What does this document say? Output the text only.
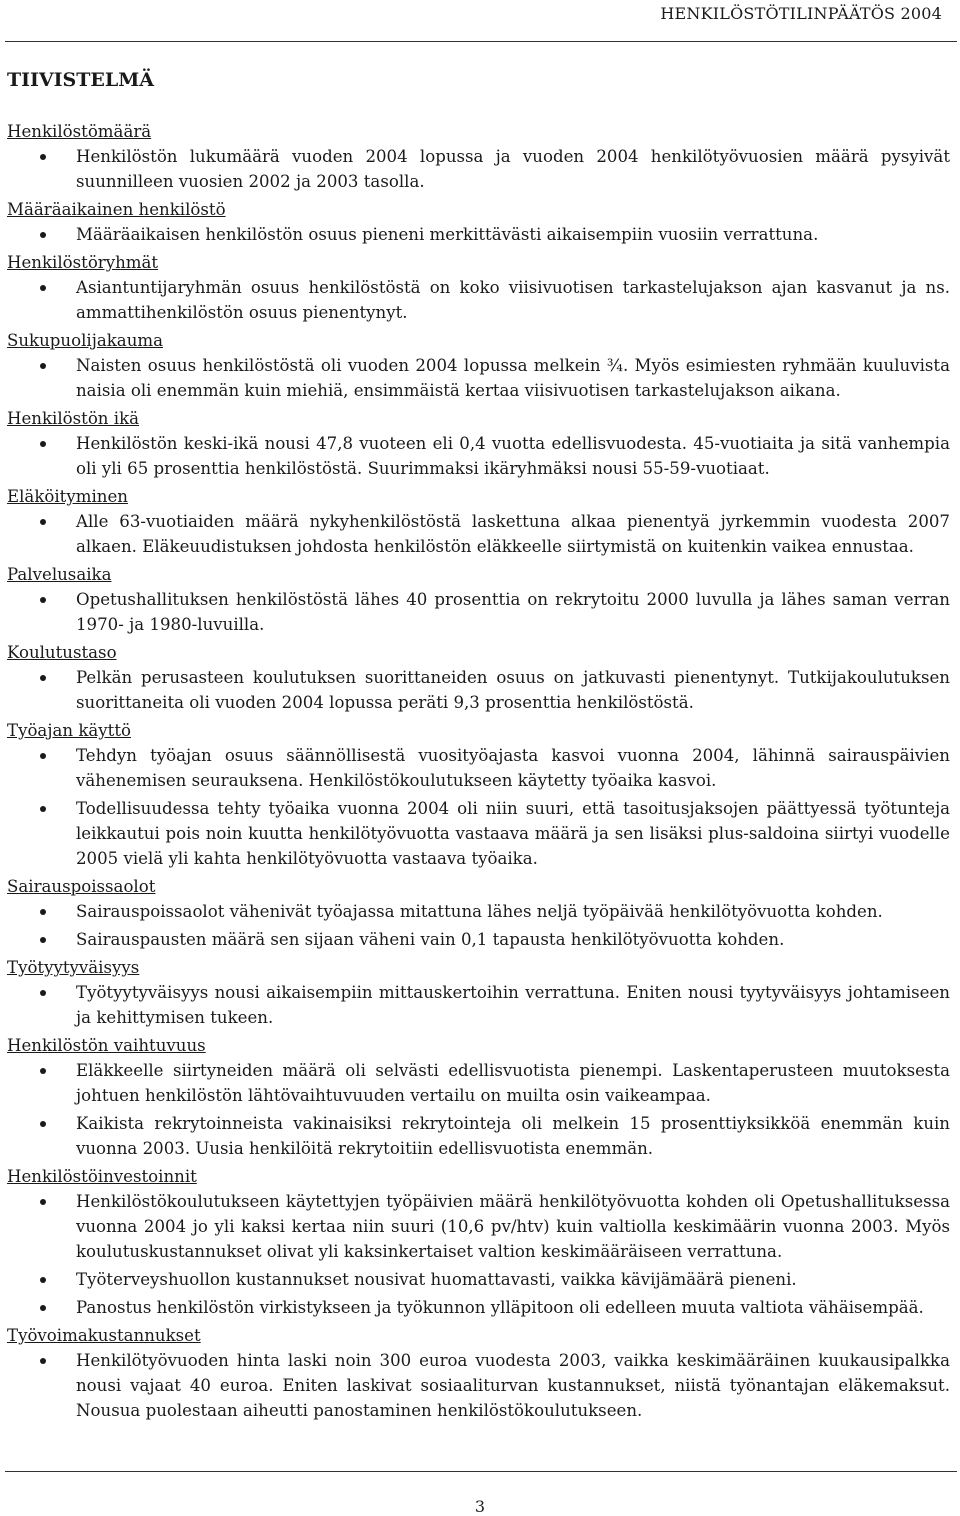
HENKILÖSTÖTILINPÄÄTÖS 2004
TIIVISTELMÄ
Henkilöstömäärä
Henkilöstön lukumäärä vuoden 2004 lopussa ja vuoden 2004 henkilötyövuosien määrä pysyivät suunnilleen vuosien 2002 ja 2003 tasolla.
Määräaikainen henkilöstö
Määräaikaisen henkilöstön osuus pieneni merkittävästi aikaisempiin vuosiin verrattuna.
Henkilöstöryhmät
Asiantuntijaryhmän osuus henkilöstöstä on koko viisivuotisen tarkastelujakson ajan kasvanut ja ns. ammattihenkilöstön osuus pienentynyt.
Sukupuolijakauma
Naisten osuus henkilöstöstä oli vuoden 2004 lopussa melkein ¾. Myös esimiesten ryhmään kuuluvista naisia oli enemmän kuin miehiä, ensimmäistä kertaa viisivuotisen tarkastelujakson aikana.
Henkilöstön ikä
Henkilöstön keski-ikä nousi 47,8 vuoteen eli 0,4 vuotta edellisvuodesta. 45-vuotiaita ja sitä vanhempia oli yli 65 prosenttia henkilöstöstä. Suurimmaksi ikäryhmäksi nousi 55-59-vuotiaat.
Eläköityminen
Alle 63-vuotiaiden määrä nykyhenkilöstöstä laskettuna alkaa pienentyä jyrkemmin vuodesta 2007 alkaen. Eläkeuudistuksen johdosta henkilöstön eläkkeelle siirtymistä on kuitenkin vaikea ennustaa.
Palvelusaika
Opetushallituksen henkilöstöstä lähes 40 prosenttia on rekrytoitu 2000 luvulla ja lähes saman verran 1970- ja 1980-luvuilla.
Koulutustaso
Pelkän perusasteen koulutuksen suorittaneiden osuus on jatkuvasti pienentynyt. Tutkijakoulutuksen suorittaneita oli vuoden 2004 lopussa peräti 9,3 prosenttia henkilöstöstä.
Työajan käyttö
Tehdyn työajan osuus säännöllisestä vuosityöajasta kasvoi vuonna 2004, lähinnä sairauspäivien vähenemisen seurauksena. Henkilöstökoulutukseen käytetty työaika kasvoi.
Todellisuudessa tehty työaika vuonna 2004 oli niin suuri, että tasoitusjaksojen päättyessä työtunteja leikkautui pois noin kuutta henkilötyövuotta vastaava määrä ja sen lisäksi plus-saldoina siirtyi vuodelle 2005 vielä yli kahta henkilötyövuotta vastaava työaika.
Sairauspoissaolot
Sairauspoissaolot vähenivät työajassa mitattuna lähes neljä työpäivää henkilötyövuotta kohden.
Sairauspausten määrä sen sijaan väheni vain 0,1 tapausta henkilötyövuotta kohden.
Työtyytyväisyys
Työtyytyväisyys nousi aikaisempiin mittauskertoihin verrattuna. Eniten nousi tyytyväisyys johtamiseen ja kehittymisen tukeen.
Henkilöstön vaihtuvuus
Eläkkeelle siirtyneiden määrä oli selvästi edellisvuotista pienempi. Laskentaperusteen muutoksesta johtuen henkilöstön lähtövaihtuvuuden vertailu on muilta osin vaikeampaa.
Kaikista rekrytoinneista vakinaisiksi rekrytointeja oli melkein 15 prosenttiyksikköä enemmän kuin vuonna 2003. Uusia henkilöitä rekrytoitiin edellisvuotista enemmän.
Henkilöstöinvestoinnit
Henkilöstökoulutukseen käytettyjen työpäivien määrä henkilötyövuotta kohden oli Opetushallituksessa vuonna 2004 jo yli kaksi kertaa niin suuri (10,6 pv/htv) kuin valtiolla keskimäärin vuonna 2003. Myös koulutuskustannukset olivat yli kaksinkertaiset valtion keskimääräiseen verrattuna.
Työterveyshuollon kustannukset nousivat huomattavasti, vaikka kävijämäärä pieneni.
Panostus henkilöstön virkistykseen ja työkunnon ylläpitoon oli edelleen muuta valtiota vähäisempää.
Työvoimakustannukset
Henkilötyövuoden hinta laski noin 300 euroa vuodesta 2003, vaikka keskimääräinen kuukausipalkka nousi vajaat 40 euroa. Eniten laskivat sosiaaliturvan kustannukset, niistä työnantajan eläkemaksut. Nousua puolestaan aiheutti panostaminen henkilöstökoulutukseen.
3
